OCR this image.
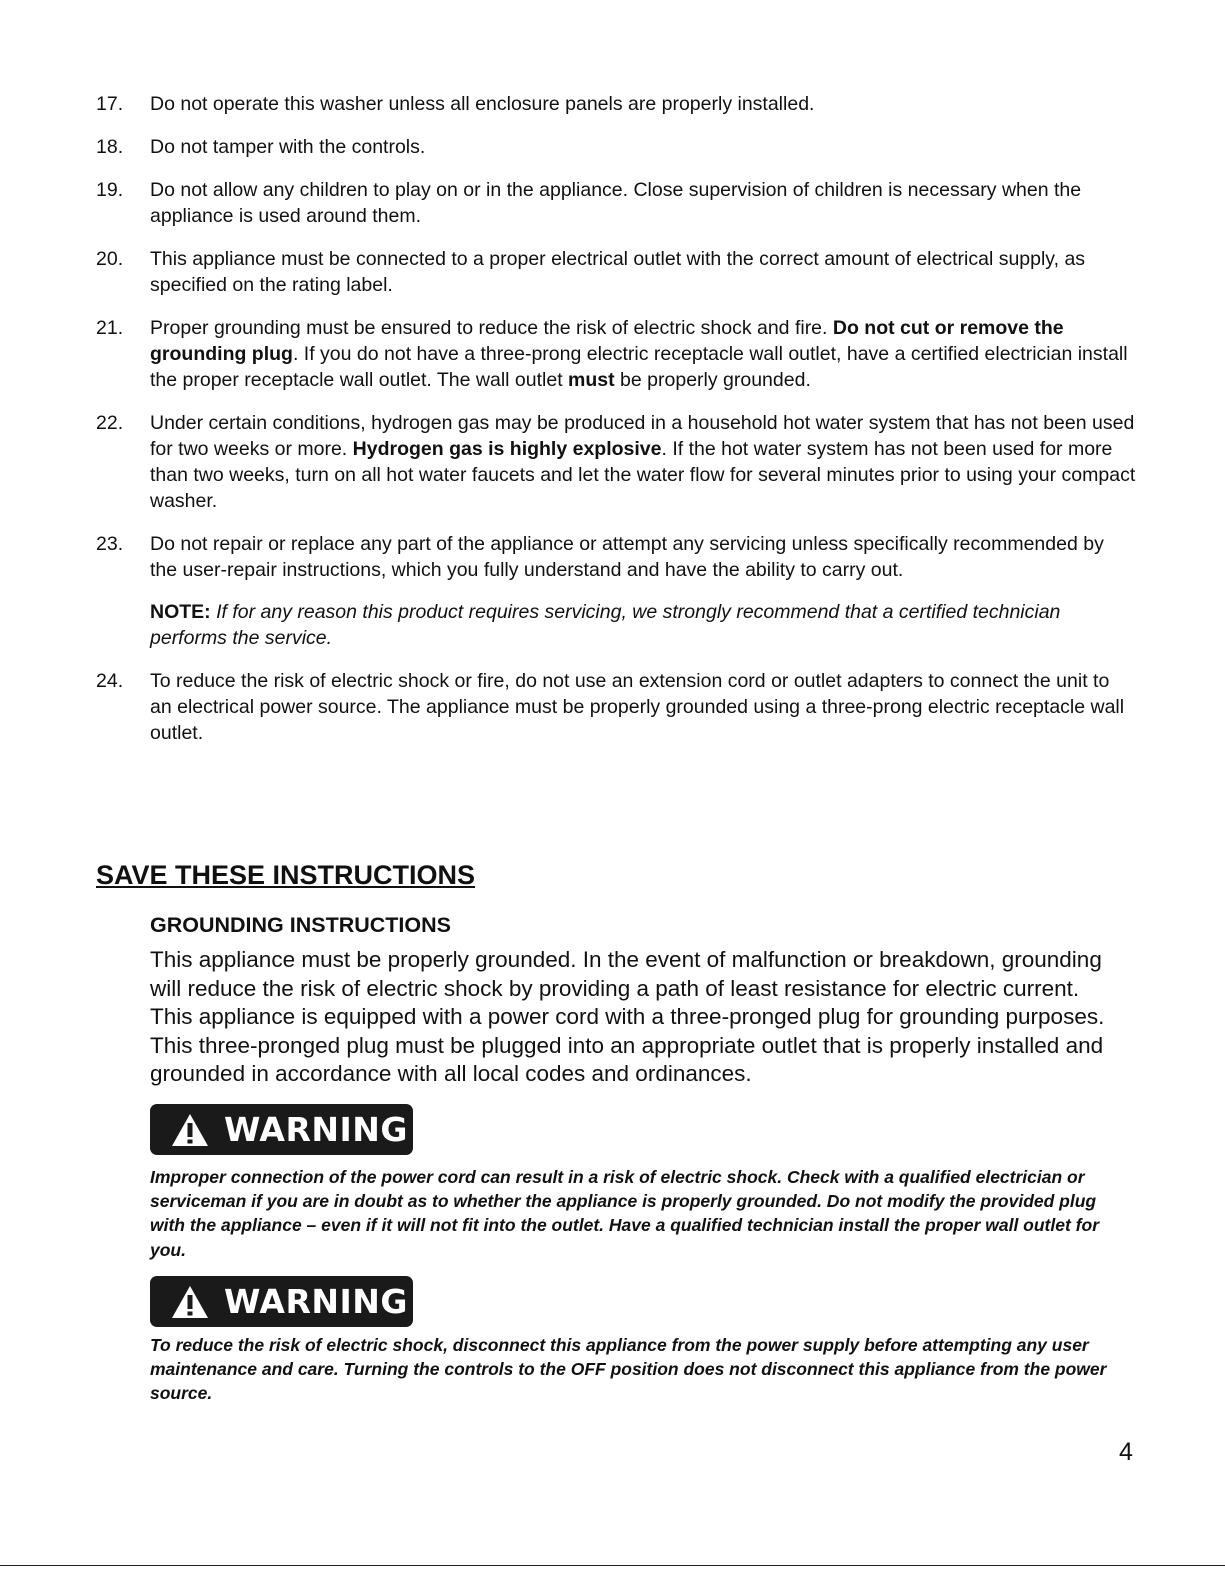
17.	Do not operate this washer unless all enclosure panels are properly installed.
18.	Do not tamper with the controls.
19.	Do not allow any children to play on or in the appliance. Close supervision of children is necessary when the appliance is used around them.
20.	This appliance must be connected to a proper electrical outlet with the correct amount of electrical supply, as specified on the rating label.
21.	Proper grounding must be ensured to reduce the risk of electric shock and fire. Do not cut or remove the grounding plug. If you do not have a three-prong electric receptacle wall outlet, have a certified electrician install the proper receptacle wall outlet. The wall outlet must be properly grounded.
22.	Under certain conditions, hydrogen gas may be produced in a household hot water system that has not been used for two weeks or more. Hydrogen gas is highly explosive. If the hot water system has not been used for more than two weeks, turn on all hot water faucets and let the water flow for several minutes prior to using your compact washer.
23.	Do not repair or replace any part of the appliance or attempt any servicing unless specifically recommended by the user-repair instructions, which you fully understand and have the ability to carry out.
NOTE: If for any reason this product requires servicing, we strongly recommend that a certified technician performs the service.
24.	To reduce the risk of electric shock or fire, do not use an extension cord or outlet adapters to connect the unit to an electrical power source. The appliance must be properly grounded using a three-prong electric receptacle wall outlet.
SAVE THESE INSTRUCTIONS
GROUNDING INSTRUCTIONS
This appliance must be properly grounded. In the event of malfunction or breakdown, grounding will reduce the risk of electric shock by providing a path of least resistance for electric current. This appliance is equipped with a power cord with a three-pronged plug for grounding purposes. This three-pronged plug must be plugged into an appropriate outlet that is properly installed and grounded in accordance with all local codes and ordinances.
WARNING
Improper connection of the power cord can result in a risk of electric shock. Check with a qualified electrician or serviceman if you are in doubt as to whether the appliance is properly grounded. Do not modify the provided plug with the appliance – even if it will not fit into the outlet. Have a qualified technician install the proper wall outlet for you.
WARNING
To reduce the risk of electric shock, disconnect this appliance from the power supply before attempting any user maintenance and care. Turning the controls to the OFF position does not disconnect this appliance from the power source.
4
